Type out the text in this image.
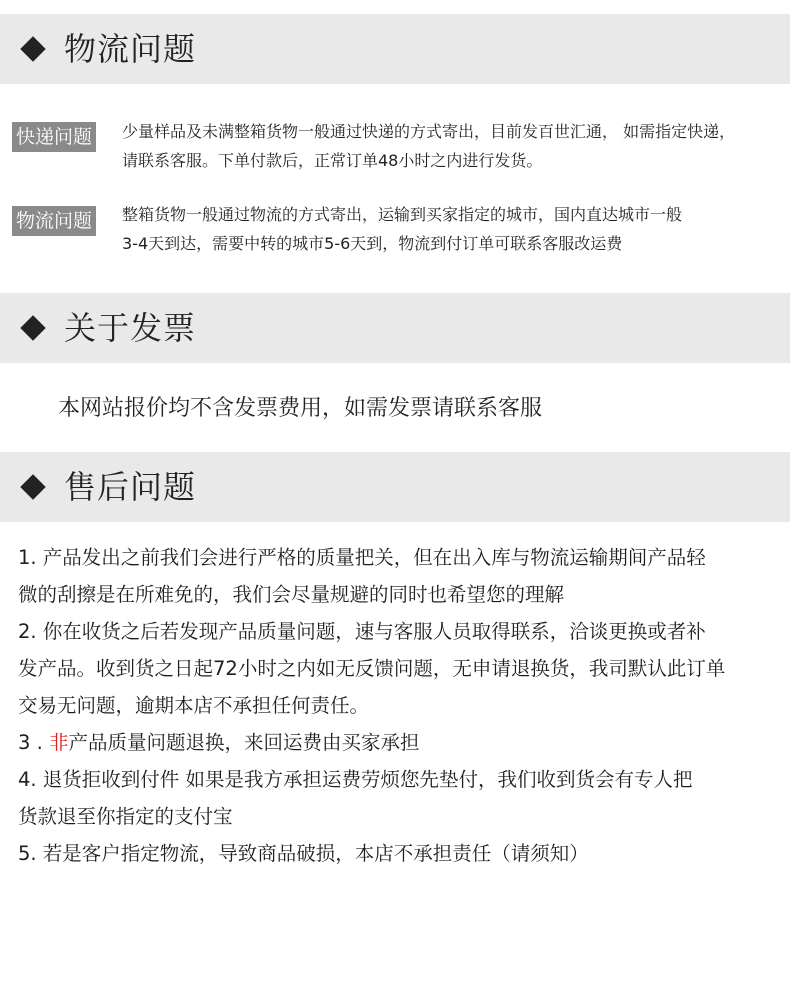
物流问题
快递问题 少量样品及未满整箱货物一般通过快递的方式寄出，目前发百世汇通， 如需指定快递，
请联系客服。下单付款后，正常订单48小时之内进行发货。
物流问题 整箱货物一般通过物流的方式寄出，运输到买家指定的城市，国内直达城市一般
3-4天到达，需要中转的城市5-6天到，物流到付订单可联系客服改运费
关于发票
本网站报价均不含发票费用，如需发票请联系客服
售后问题
1. 产品发出之前我们会进行严格的质量把关，但在出入库与物流运输期间产品轻
微的刮擦是在所难免的，我们会尽量规避的同时也希望您的理解
2. 你在收货之后若发现产品质量问题，速与客服人员取得联系，洽谈更换或者补
发产品。收到货之日起72小时之内如无反馈问题，无申请退换货，我司默认此订单
交易无问题，逾期本店不承担任何责任。
3 . 非产品质量问题退换，来回运费由买家承担
4. 退货拒收到付件 如果是我方承担运费劳烦您先垫付，我们收到货会有专人把
货款退至你指定的支付宝
5. 若是客户指定物流，导致商品破损，本店不承担责任（请须知）
